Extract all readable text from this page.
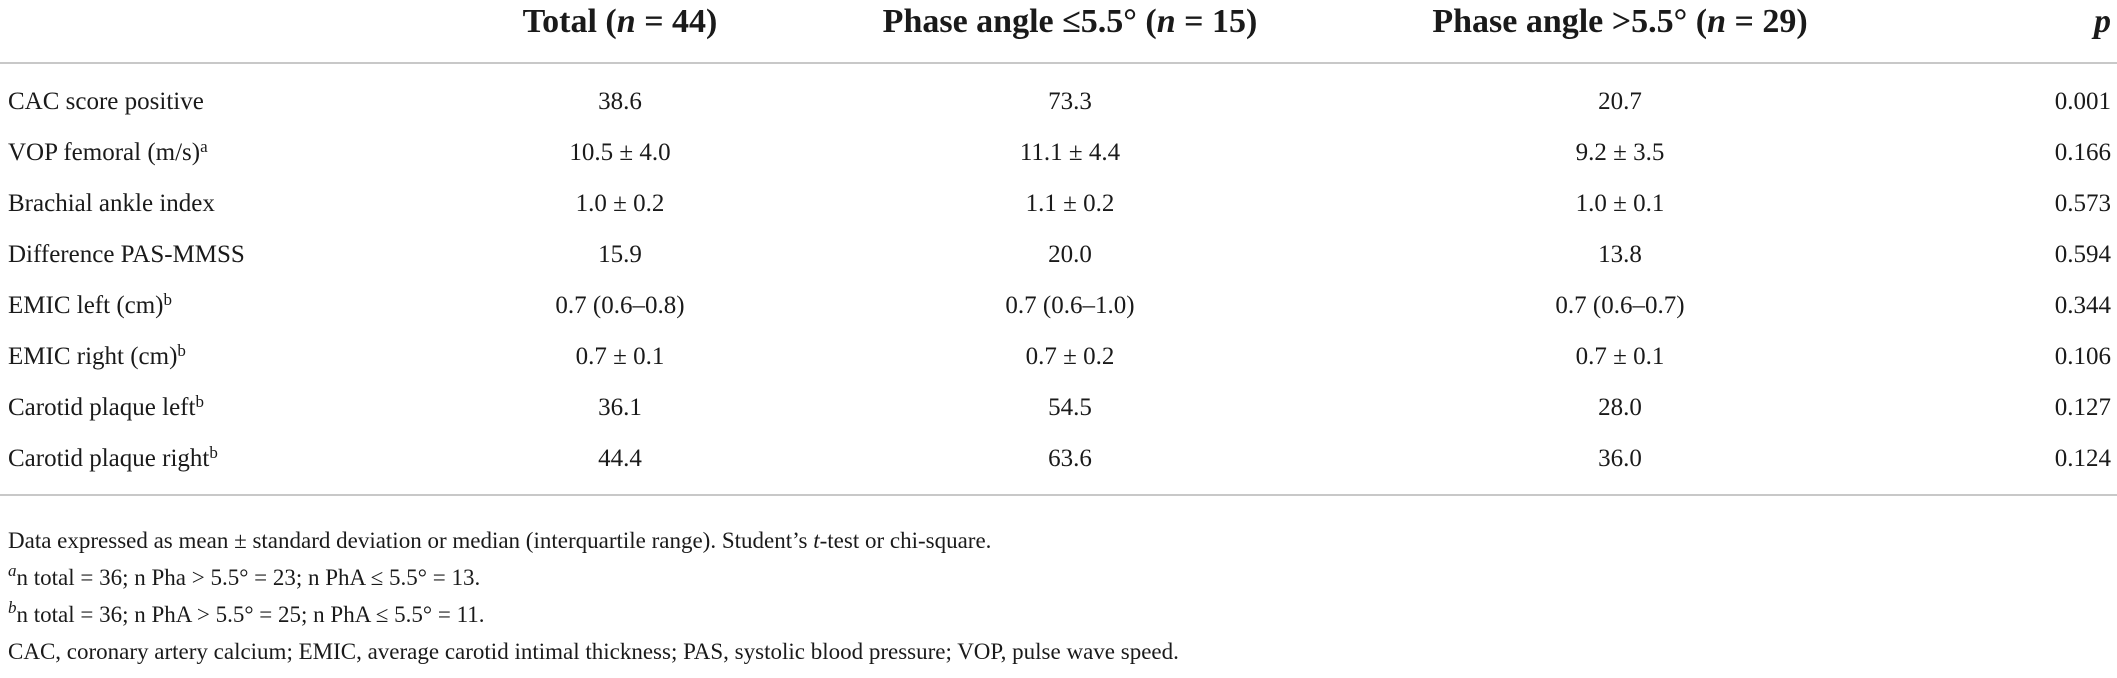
	Total (n = 44)	Phase angle ≤5.5° (n = 15)	Phase angle >5.5° (n = 29)	p
CAC score positive	38.6	73.3	20.7	0.001
VOP femoral $(m/s)^a$	10.5 ± 4.0	11.1 ± 4.4	9.2 ± 3.5	0.166
Brachial ankle index	1.0 ± 0.2	1.1 ± 0.2	1.0 ± 0.1	0.573
Difference PAS-MMSS	15.9	20.0	13.8	0.594
EMIC left (cm)$^b$	0.7 (0.6–0.8)	0.7 (0.6–1.0)	0.7 (0.6–0.7)	0.344
EMIC right (cm)$^b$	0.7 ± 0.1	0.7 ± 0.2	0.7 ± 0.1	0.106
Carotid plaque left$^b$	36.1	54.5	28.0	0.127
Carotid plaque right$^b$	44.4	63.6	36.0	0.124
Data expressed as mean ± standard deviation or median (interquartile range). Student’s t-test or chi-square.
$^a$n total = 36; n Pha > 5.5° = 23; n PhA ≤ 5.5° = 13.
$^b$n total = 36; n PhA > 5.5° = 25; n PhA ≤ 5.5° = 11.
CAC, coronary artery calcium; EMIC, average carotid intimal thickness; PAS, systolic blood pressure; VOP, pulse wave speed.
